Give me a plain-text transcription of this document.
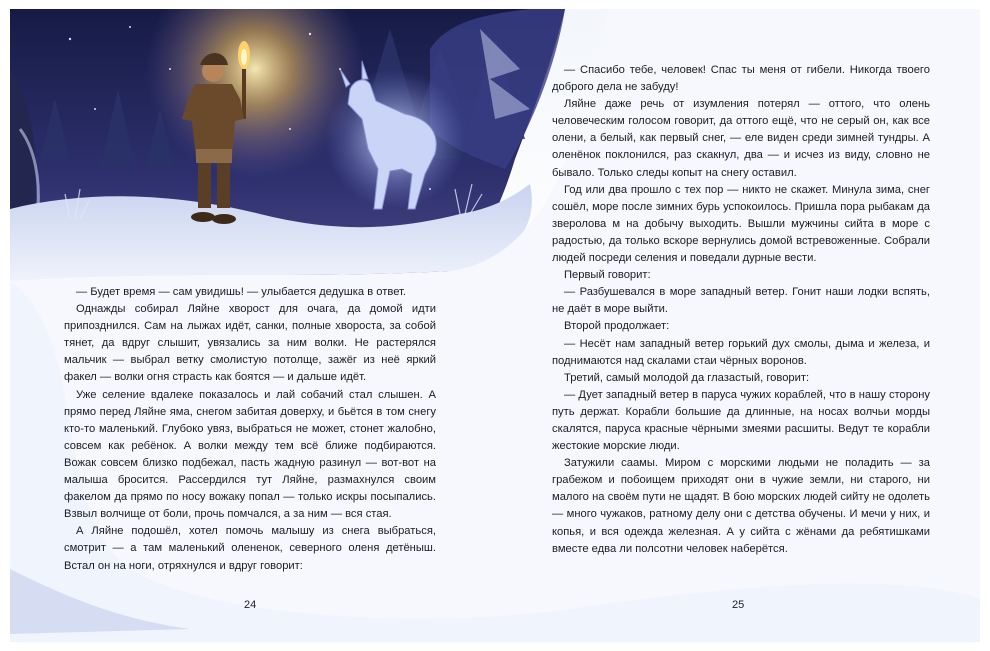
— Будет время — сам увидишь! — улыбается дедушка в ответ.

Однажды собирал Ляйне хворост для очага, да домой идти припозднился. Сам на лыжах идёт, санки, полные хвороста, за собой тянет, да вдруг слышит, увязались за ним волки. Не растерялся мальчик — выбрал ветку смолистую потолще, зажёг из неё яркий факел — волки огня страсть как боятся — и дальше идёт.

Уже селение вдалеке показалось и лай собачий стал слышен. А прямо перед Ляйне яма, снегом забитая доверху, и бьётся в том снегу кто-то маленький. Глубоко увяз, выбраться не может, стонет жалобно, совсем как ребёнок. А волки между тем всё ближе подбираются. Вожак совсем близко подбежал, пасть жадную разинул — вот-вот на малыша бросится. Рассердился тут Ляйне, размахнулся своим факелом да прямо по носу вожаку попал — только искры посыпались. Взвыл волчище от боли, прочь помчался, а за ним — вся стая.

А Ляйне подошёл, хотел помочь малышу из снега выбраться, смотрит — а там маленький олененок, северного оленя детёныш. Встал он на ноги, отряхнулся и вдруг говорит:

— Спасибо тебе, человек! Спас ты меня от гибели. Никогда твоего доброго дела не забуду!

Ляйне даже речь от изумления потерял — оттого, что олень человеческим голосом говорит, да оттого ещё, что не серый он, как все олени, а белый, как первый снег, — еле виден среди зимней тундры. А оленёнок поклонился, раз скакнул, два — и исчез из виду, словно не бывало. Только следы копыт на снегу оставил.

Год или два прошло с тех пор — никто не скажет. Минула зима, снег сошёл, море после зимних бурь успокоилось. Пришла пора рыбакам да зверолова м на добычу выходить. Вышли мужчины сийта в море с радостью, да только вскоре вернулись домой встревоженные. Собрали людей посреди селения и поведали дурные вести.

Первый говорит:

— Разбушевался в море западный ветер. Гонит наши лодки вспять, не даёт в море выйти.

Второй продолжает:

— Несёт нам западный ветер горький дух смолы, дыма и железа, и поднимаются над скалами стаи чёрных воронов.

Третий, самый молодой да глазастый, говорит:

— Дует западный ветер в паруса чужих кораблей, что в нашу сторону путь держат. Корабли большие да длинные, на носах волчьи морды скалятся, паруса красные чёрными змеями расшиты. Ведут те корабли жестокие морские люди.

Затужили саамы. Миром с морскими людьми не поладить — за грабежом и побоищем приходят они в чужие земли, ни старого, ни малого на своём пути не щадят. В бою морских людей сийту не одолеть — много чужаков, ратному делу они с детства обучены. И мечи у них, и копья, и вся одежда железная. А у сийта с жёнами да ребятишками вместе едва ли полсотни человек наберётся.

24	25
